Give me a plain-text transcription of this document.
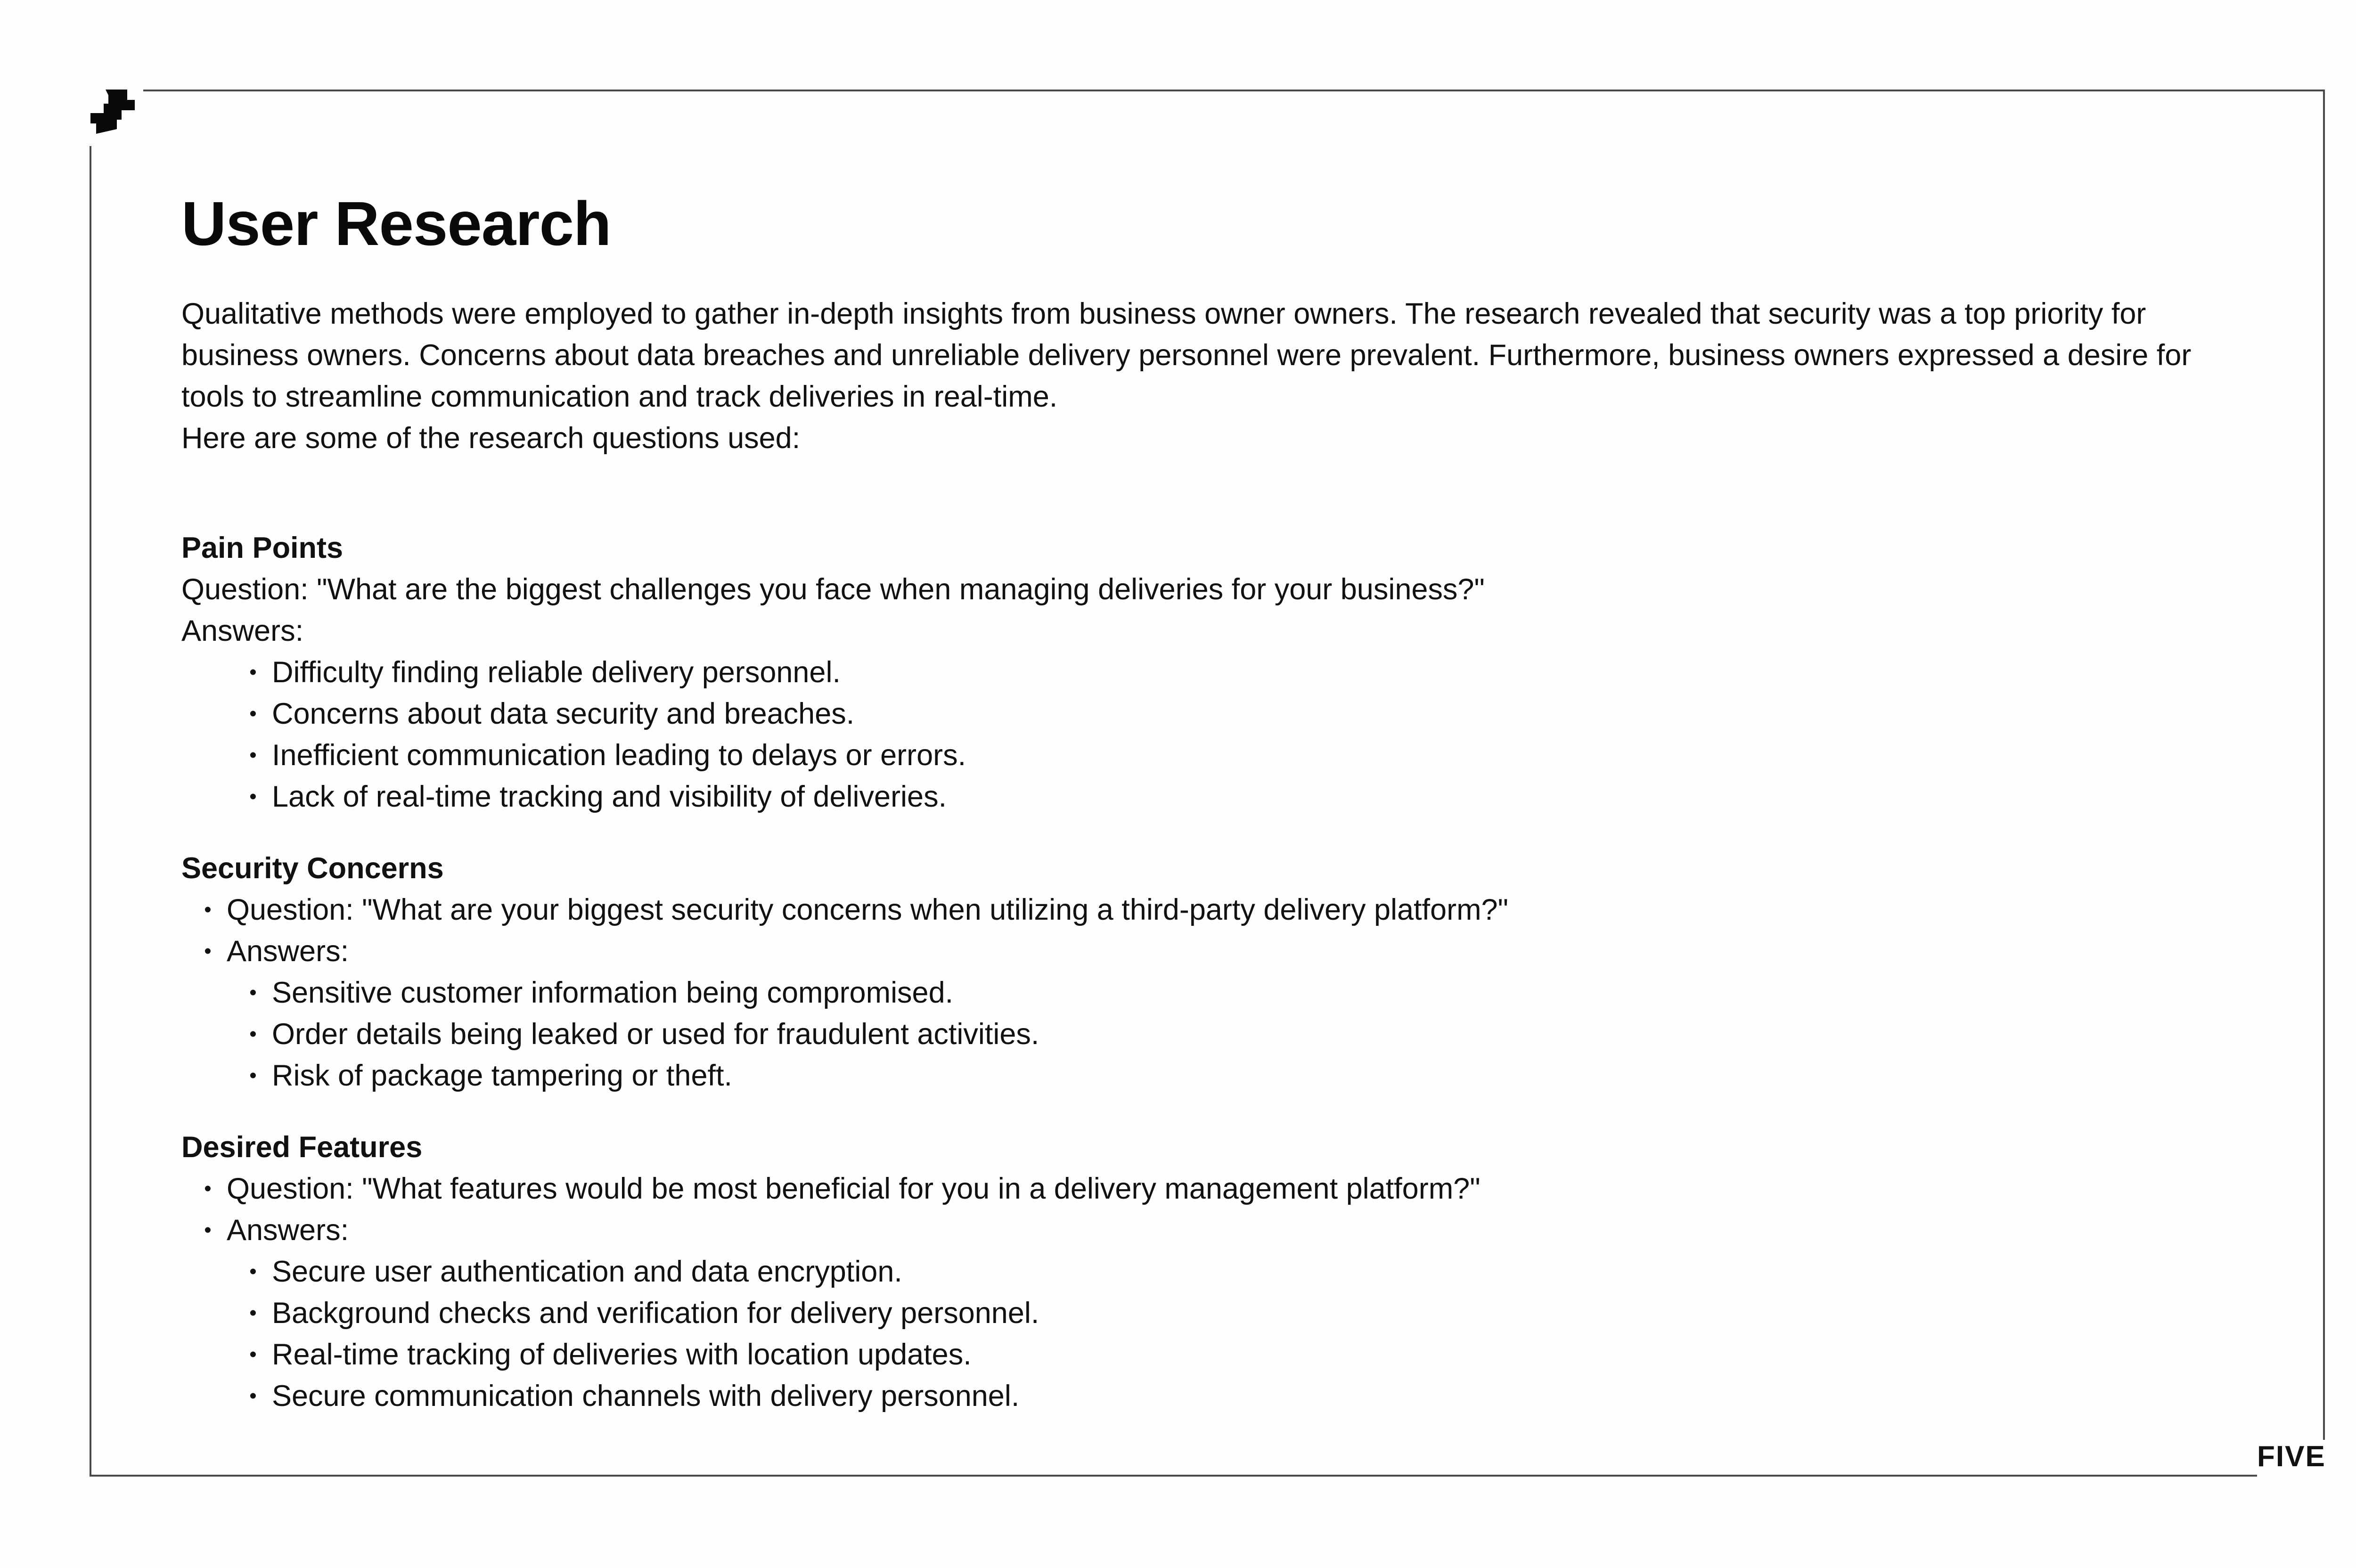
FIVE
User Research

Qualitative methods were employed to gather in-depth insights from business owner owners. The research revealed that security was a top priority for business owners. Concerns about data breaches and unreliable delivery personnel were prevalent. Furthermore, business owners expressed a desire for tools to streamline communication and track deliveries in real-time.

Here are some of the research questions used:

Pain Points

Question: "What are the biggest challenges you face when managing deliveries for your business?"

Answers:

• Difficulty finding reliable delivery personnel.
• Concerns about data security and breaches.
• Inefficient communication leading to delays or errors.
• Lack of real-time tracking and visibility of deliveries.

Security Concerns

• Question: "What are your biggest security concerns when utilizing a third-party delivery platform?"
• Answers:
• Sensitive customer information being compromised.
• Order details being leaked or used for fraudulent activities.
• Risk of package tampering or theft.

Desired Features

• Question: "What features would be most beneficial for you in a delivery management platform?"
• Answers:
• Secure user authentication and data encryption.
• Background checks and verification for delivery personnel.
• Real-time tracking of deliveries with location updates.
• Secure communication channels with delivery personnel.
